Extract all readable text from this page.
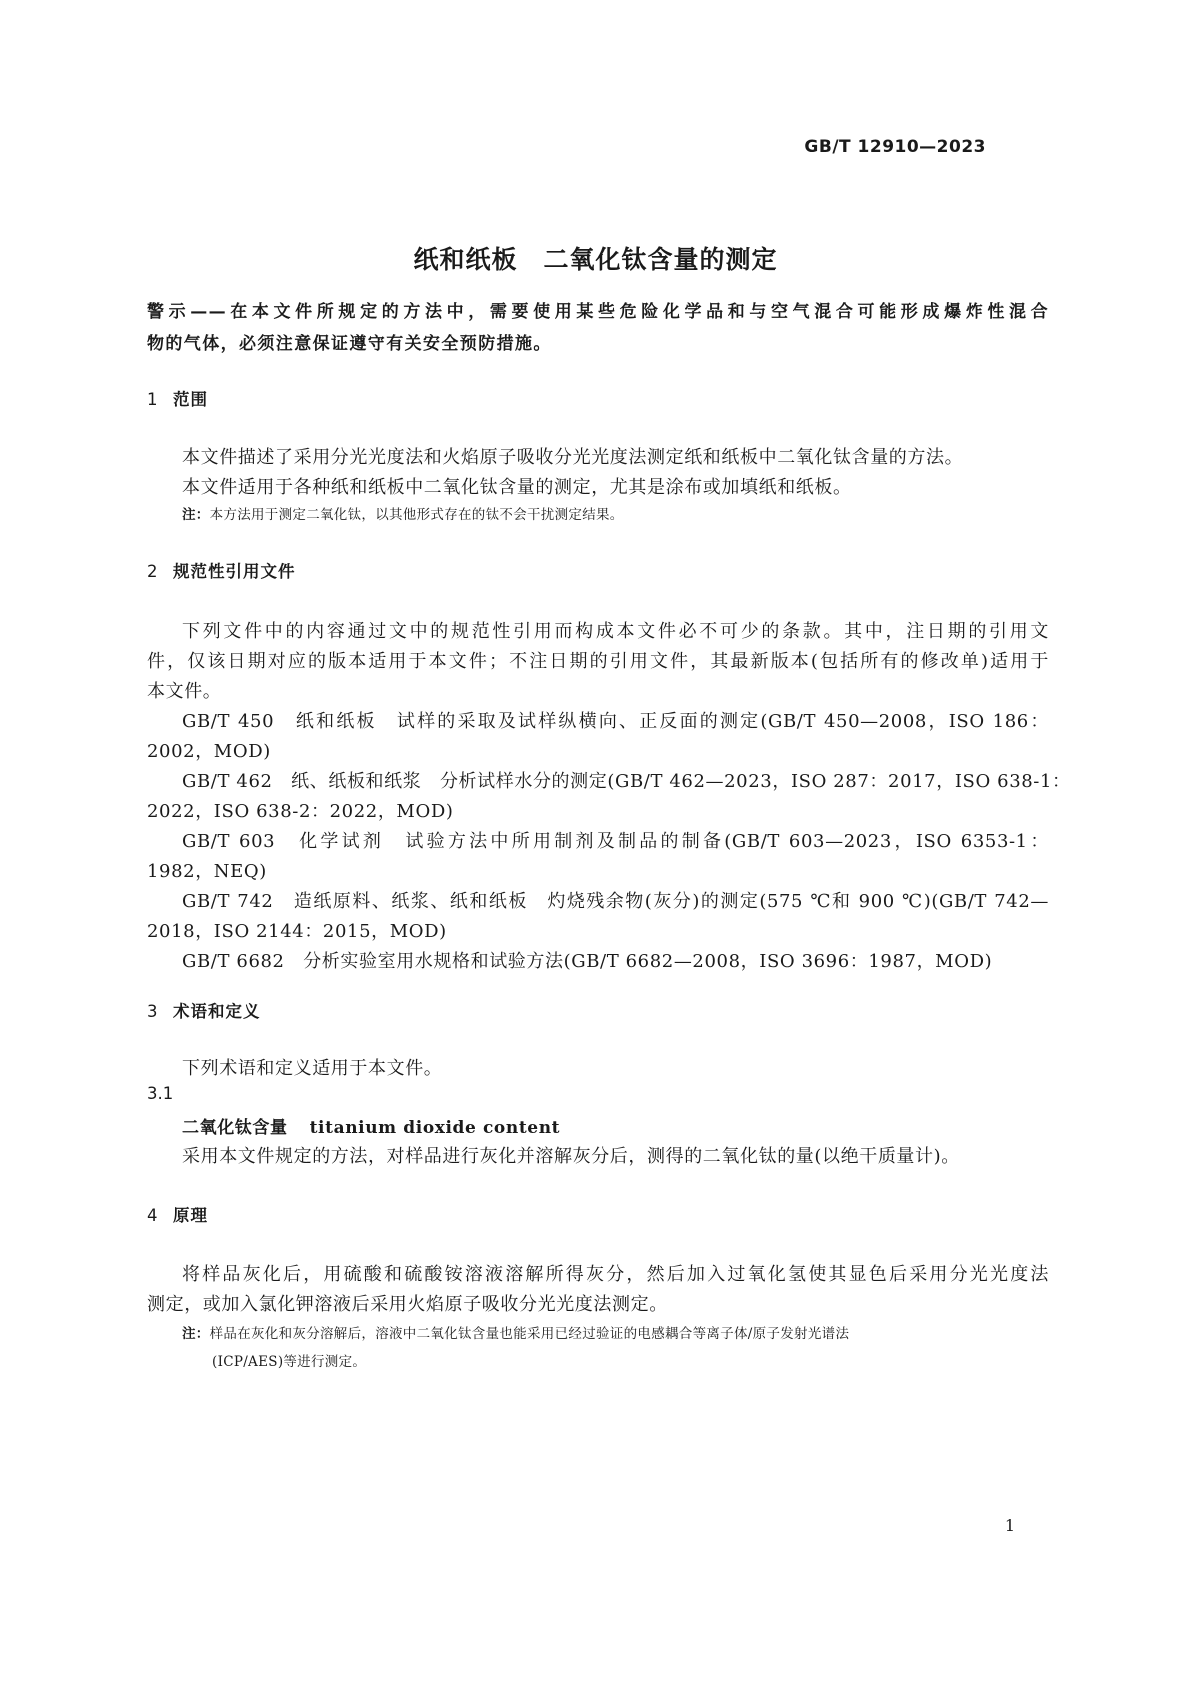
GB/T 12910—2023
纸和纸板　二氧化钛含量的测定
警示——在本文件所规定的方法中，需要使用某些危险化学品和与空气混合可能形成爆炸性混合
物的气体，必须注意保证遵守有关安全预防措施。
1 范围
本文件描述了采用分光光度法和火焰原子吸收分光光度法测定纸和纸板中二氧化钛含量的方法。
本文件适用于各种纸和纸板中二氧化钛含量的测定，尤其是涂布或加填纸和纸板。
注：本方法用于测定二氧化钛，以其他形式存在的钛不会干扰测定结果。
2 规范性引用文件
下列文件中的内容通过文中的规范性引用而构成本文件必不可少的条款。其中，注日期的引用文
件，仅该日期对应的版本适用于本文件；不注日期的引用文件，其最新版本(包括所有的修改单)适用于
本文件。
GB/T 450　纸和纸板　试样的采取及试样纵横向、正反面的测定(GB/T 450—2008，ISO 186：
2002，MOD)
GB/T 462　纸、纸板和纸浆　分析试样水分的测定(GB/T 462—2023，ISO 287：2017，ISO 638-1：
2022，ISO 638-2：2022，MOD)
GB/T 603　化学试剂　试验方法中所用制剂及制品的制备(GB/T 603—2023，ISO 6353-1：
1982，NEQ)
GB/T 742　造纸原料、纸浆、纸和纸板　灼烧残余物(灰分)的测定(575 ℃和 900 ℃)(GB/T 742—
2018，ISO 2144：2015，MOD)
GB/T 6682　分析实验室用水规格和试验方法(GB/T 6682—2008，ISO 3696：1987，MOD)
3 术语和定义
下列术语和定义适用于本文件。
3.1
二氧化钛含量 titanium dioxide content
采用本文件规定的方法，对样品进行灰化并溶解灰分后，测得的二氧化钛的量(以绝干质量计)。
4 原理
将样品灰化后，用硫酸和硫酸铵溶液溶解所得灰分，然后加入过氧化氢使其显色后采用分光光度法
测定，或加入氯化钾溶液后采用火焰原子吸收分光光度法测定。
注：样品在灰化和灰分溶解后，溶液中二氧化钛含量也能采用已经过验证的电感耦合等离子体/原子发射光谱法
(ICP/AES)等进行测定。
1
